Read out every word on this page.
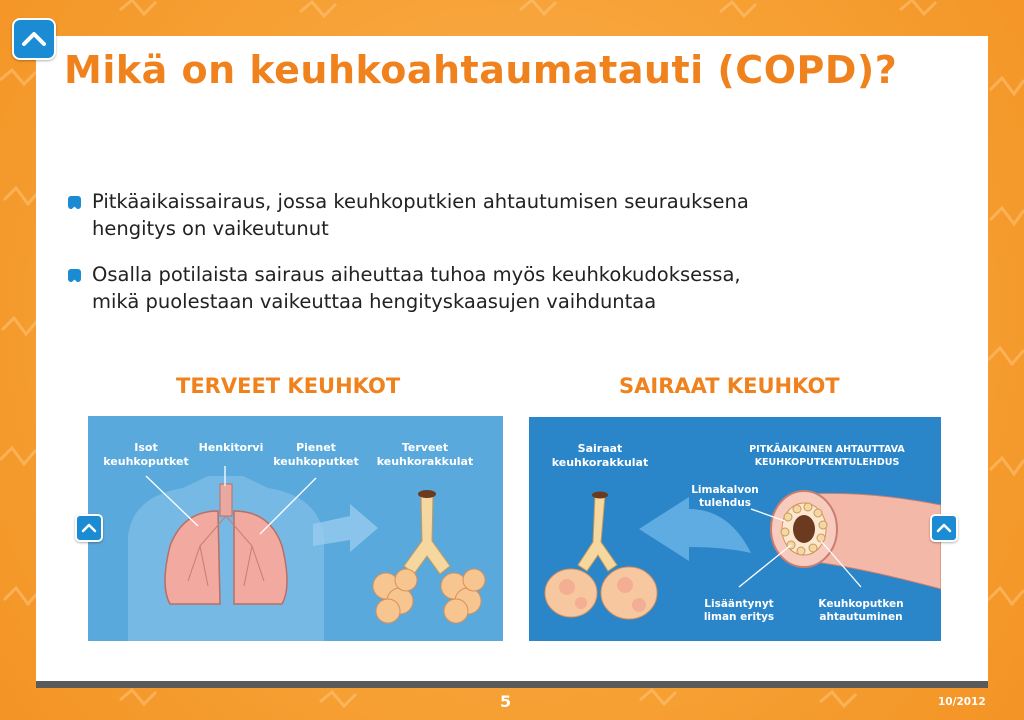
Mikä on keuhkoahtaumatauti (COPD)?
Pitkäaikaissairaus, jossa keuhkoputkien ahtautumisen seurauksena
hengitys on vaikeutunut
Osalla potilaista sairaus aiheuttaa tuhoa myös keuhkokudoksessa,
mikä puolestaan vaikeuttaa hengityskaasujen vaihduntaa
TERVEET KEUHKOT	SAIRAAT KEUHKOT
Isot
keuhkoputket
Henkitorvi	Pienet
keuhkoputket
Terveet
keuhkorakkulat
Sairaat
keuhkorakkulat
PITKÄAIKAINEN AHTAUTTAVA
KEUHKOPUTKENTULEHDUS
Limakalvon
tulehdus
Lisääntynyt
liman eritys
Keuhkoputken
ahtautuminen
5	10/2012
